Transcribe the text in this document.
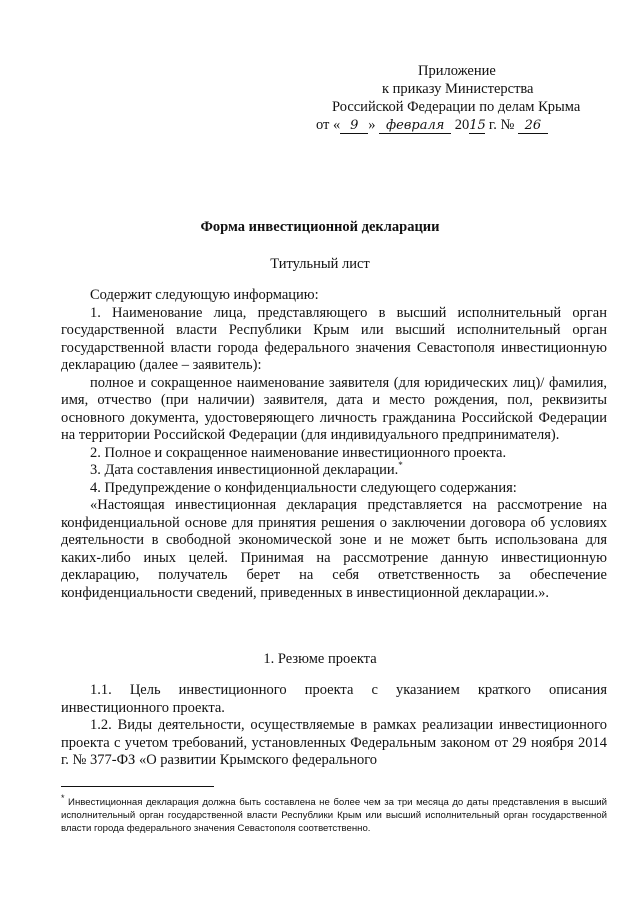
Приложение
к приказу Министерства
Российской Федерации по делам Крыма
от « 9 » февраля 2015 г. № 26
Форма инвестиционной декларации
Титульный лист

Содержит следующую информацию:

1. Наименование лица, представляющего в высший исполнительный орган государственной власти Республики Крым или высший исполнительный орган государственной власти города федерального значения Севастополя инвестиционную декларацию (далее – заявитель):

полное и сокращенное наименование заявителя (для юридических лиц)/ фамилия, имя, отчество (при наличии) заявителя, дата и место рождения, пол, реквизиты основного документа, удостоверяющего личность гражданина Российской Федерации на территории Российской Федерации (для индивидуального предпринимателя).

2. Полное и сокращенное наименование инвестиционного проекта.

3. Дата составления инвестиционной декларации.*

4. Предупреждение о конфиденциальности следующего содержания:

«Настоящая инвестиционная декларация представляется на рассмотрение на конфиденциальной основе для принятия решения о заключении договора об условиях деятельности в свободной экономической зоне и не может быть использована для каких-либо иных целей. Принимая на рассмотрение данную инвестиционную декларацию, получатель берет на себя ответственность за обеспечение конфиденциальности сведений, приведенных в инвестиционной декларации.».

1. Резюме проекта

1.1. Цель инвестиционного проекта с указанием краткого описания инвестиционного проекта.

1.2. Виды деятельности, осуществляемые в рамках реализации инвестиционного проекта с учетом требований, установленных Федеральным законом от 29 ноября 2014 г. № 377-ФЗ «О развитии Крымского федерального

* Инвестиционная декларация должна быть составлена не более чем за три месяца до даты представления в высший исполнительный орган государственной власти Республики Крым или высший исполнительный орган государственной власти города федерального значения Севастополя соответственно.
